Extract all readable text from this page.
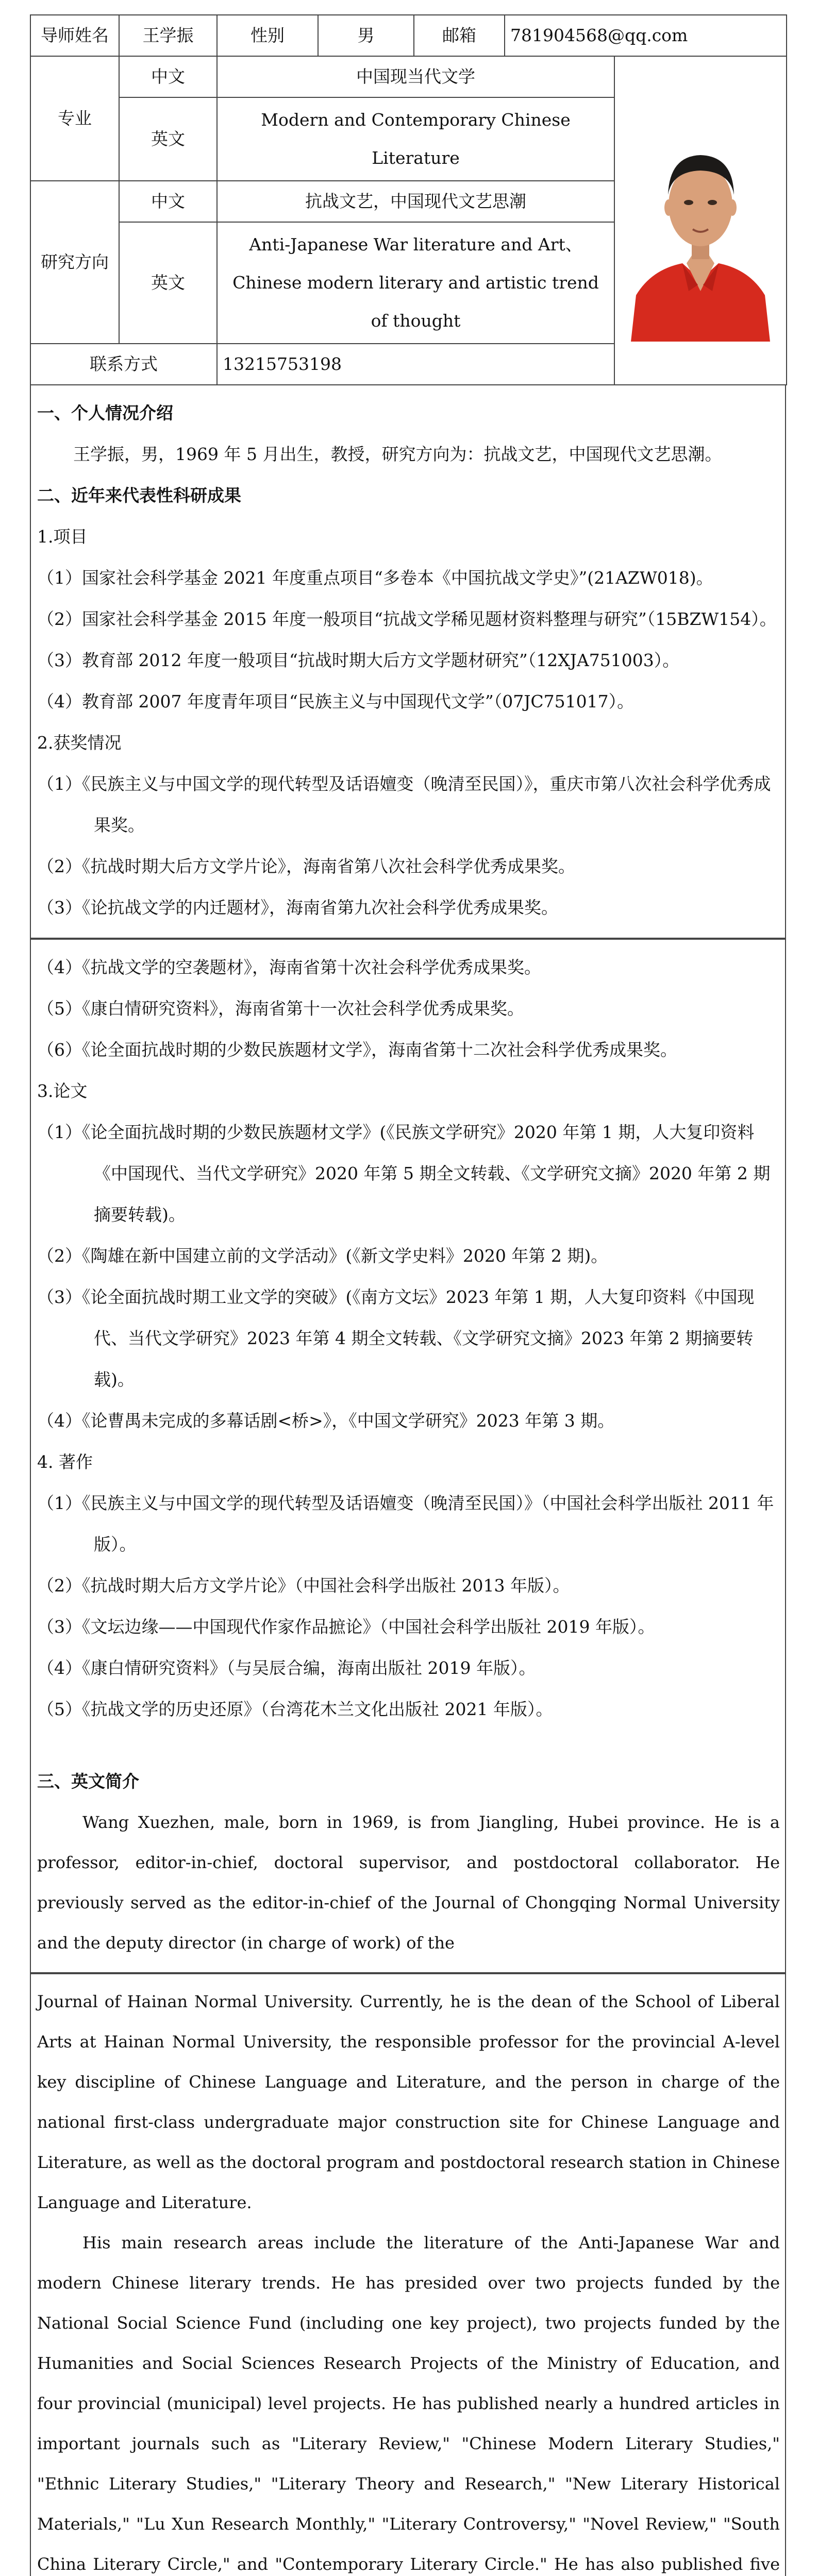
导师姓名	王学振	性别	男	邮箱	781904568@qq.com	
专业	中文	中国现当代文学	

	英文	Modern and Contemporary Chinese Literature				
研究方向	中文	抗战文艺，中国现代文艺思潮				
	英文	Anti-Japanese War literature and Art、Chinese modern literary and artistic trend of thought				
联系方式		13215753198				
一、个人情况介绍
王学振，男，1969 年 5 月出生，教授，研究方向为：抗战文艺，中国现代文艺思潮。
二、近年来代表性科研成果
1.项目
（1）国家社会科学基金 2021 年度重点项目“多卷本《中国抗战文学史》”(21AZW018)。
（2）国家社会科学基金 2015 年度一般项目“抗战文学稀见题材资料整理与研究”（15BZW154）。
（3）教育部 2012 年度一般项目“抗战时期大后方文学题材研究”（12XJA751003）。
（4）教育部 2007 年度青年项目“民族主义与中国现代文学”（07JC751017）。
2.获奖情况
（1）《民族主义与中国文学的现代转型及话语嬗变（晚清至民国）》，重庆市第八次社会科学优秀成果奖。
（2）《抗战时期大后方文学片论》，海南省第八次社会科学优秀成果奖。
（3）《论抗战文学的内迁题材》，海南省第九次社会科学优秀成果奖。
（4）《抗战文学的空袭题材》，海南省第十次社会科学优秀成果奖。
（5）《康白情研究资料》，海南省第十一次社会科学优秀成果奖。
（6）《论全面抗战时期的少数民族题材文学》，海南省第十二次社会科学优秀成果奖。
3.论文
（1）《论全面抗战时期的少数民族题材文学》(《民族文学研究》2020 年第 1 期，人大复印资料《中国现代、当代文学研究》2020 年第 5 期全文转载、《文学研究文摘》2020 年第 2 期摘要转载)。
（2）《陶雄在新中国建立前的文学活动》(《新文学史料》2020 年第 2 期)。
（3）《论全面抗战时期工业文学的突破》(《南方文坛》2023 年第 1 期，人大复印资料《中国现代、当代文学研究》2023 年第 4 期全文转载、《文学研究文摘》2023 年第 2 期摘要转载)。
（4）《论曹禺未完成的多幕话剧<桥>》，《中国文学研究》2023 年第 3 期。
4. 著作
（1）《民族主义与中国文学的现代转型及话语嬗变（晚清至民国）》（中国社会科学出版社 2011 年版）。
（2）《抗战时期大后方文学片论》（中国社会科学出版社 2013 年版）。
（3）《文坛边缘——中国现代作家作品摭论》（中国社会科学出版社 2019 年版）。
（4）《康白情研究资料》（与吴辰合编，海南出版社 2019 年版）。
（5）《抗战文学的历史还原》（台湾花木兰文化出版社 2021 年版）。
三、英文简介
Wang Xuezhen, male, born in 1969, is from Jiangling, Hubei province. He is a professor, editor-in-chief, doctoral supervisor, and postdoctoral collaborator. He previously served as the editor-in-chief of the Journal of Chongqing Normal University and the deputy director (in charge of work) of the
Journal of Hainan Normal University. Currently, he is the dean of the School of Liberal Arts at Hainan Normal University, the responsible professor for the provincial A-level key discipline of Chinese Language and Literature, and the person in charge of the national first-class undergraduate major construction site for Chinese Language and Literature, as well as the doctoral program and postdoctoral research station in Chinese Language and Literature.
His main research areas include the literature of the Anti-Japanese War and modern Chinese literary trends. He has presided over two projects funded by the National Social Science Fund (including one key project), two projects funded by the Humanities and Social Sciences Research Projects of the Ministry of Education, and four provincial (municipal) level projects. He has published nearly a hundred articles in important journals such as "Literary Review," "Chinese Modern Literary Studies," "Ethnic Literary Studies," "Literary Theory and Research," "New Literary Historical Materials," "Lu Xun Research Monthly," "Literary Controversy," "Novel Review," "South China Literary Circle," and "Contemporary Literary Circle." He has also published five
